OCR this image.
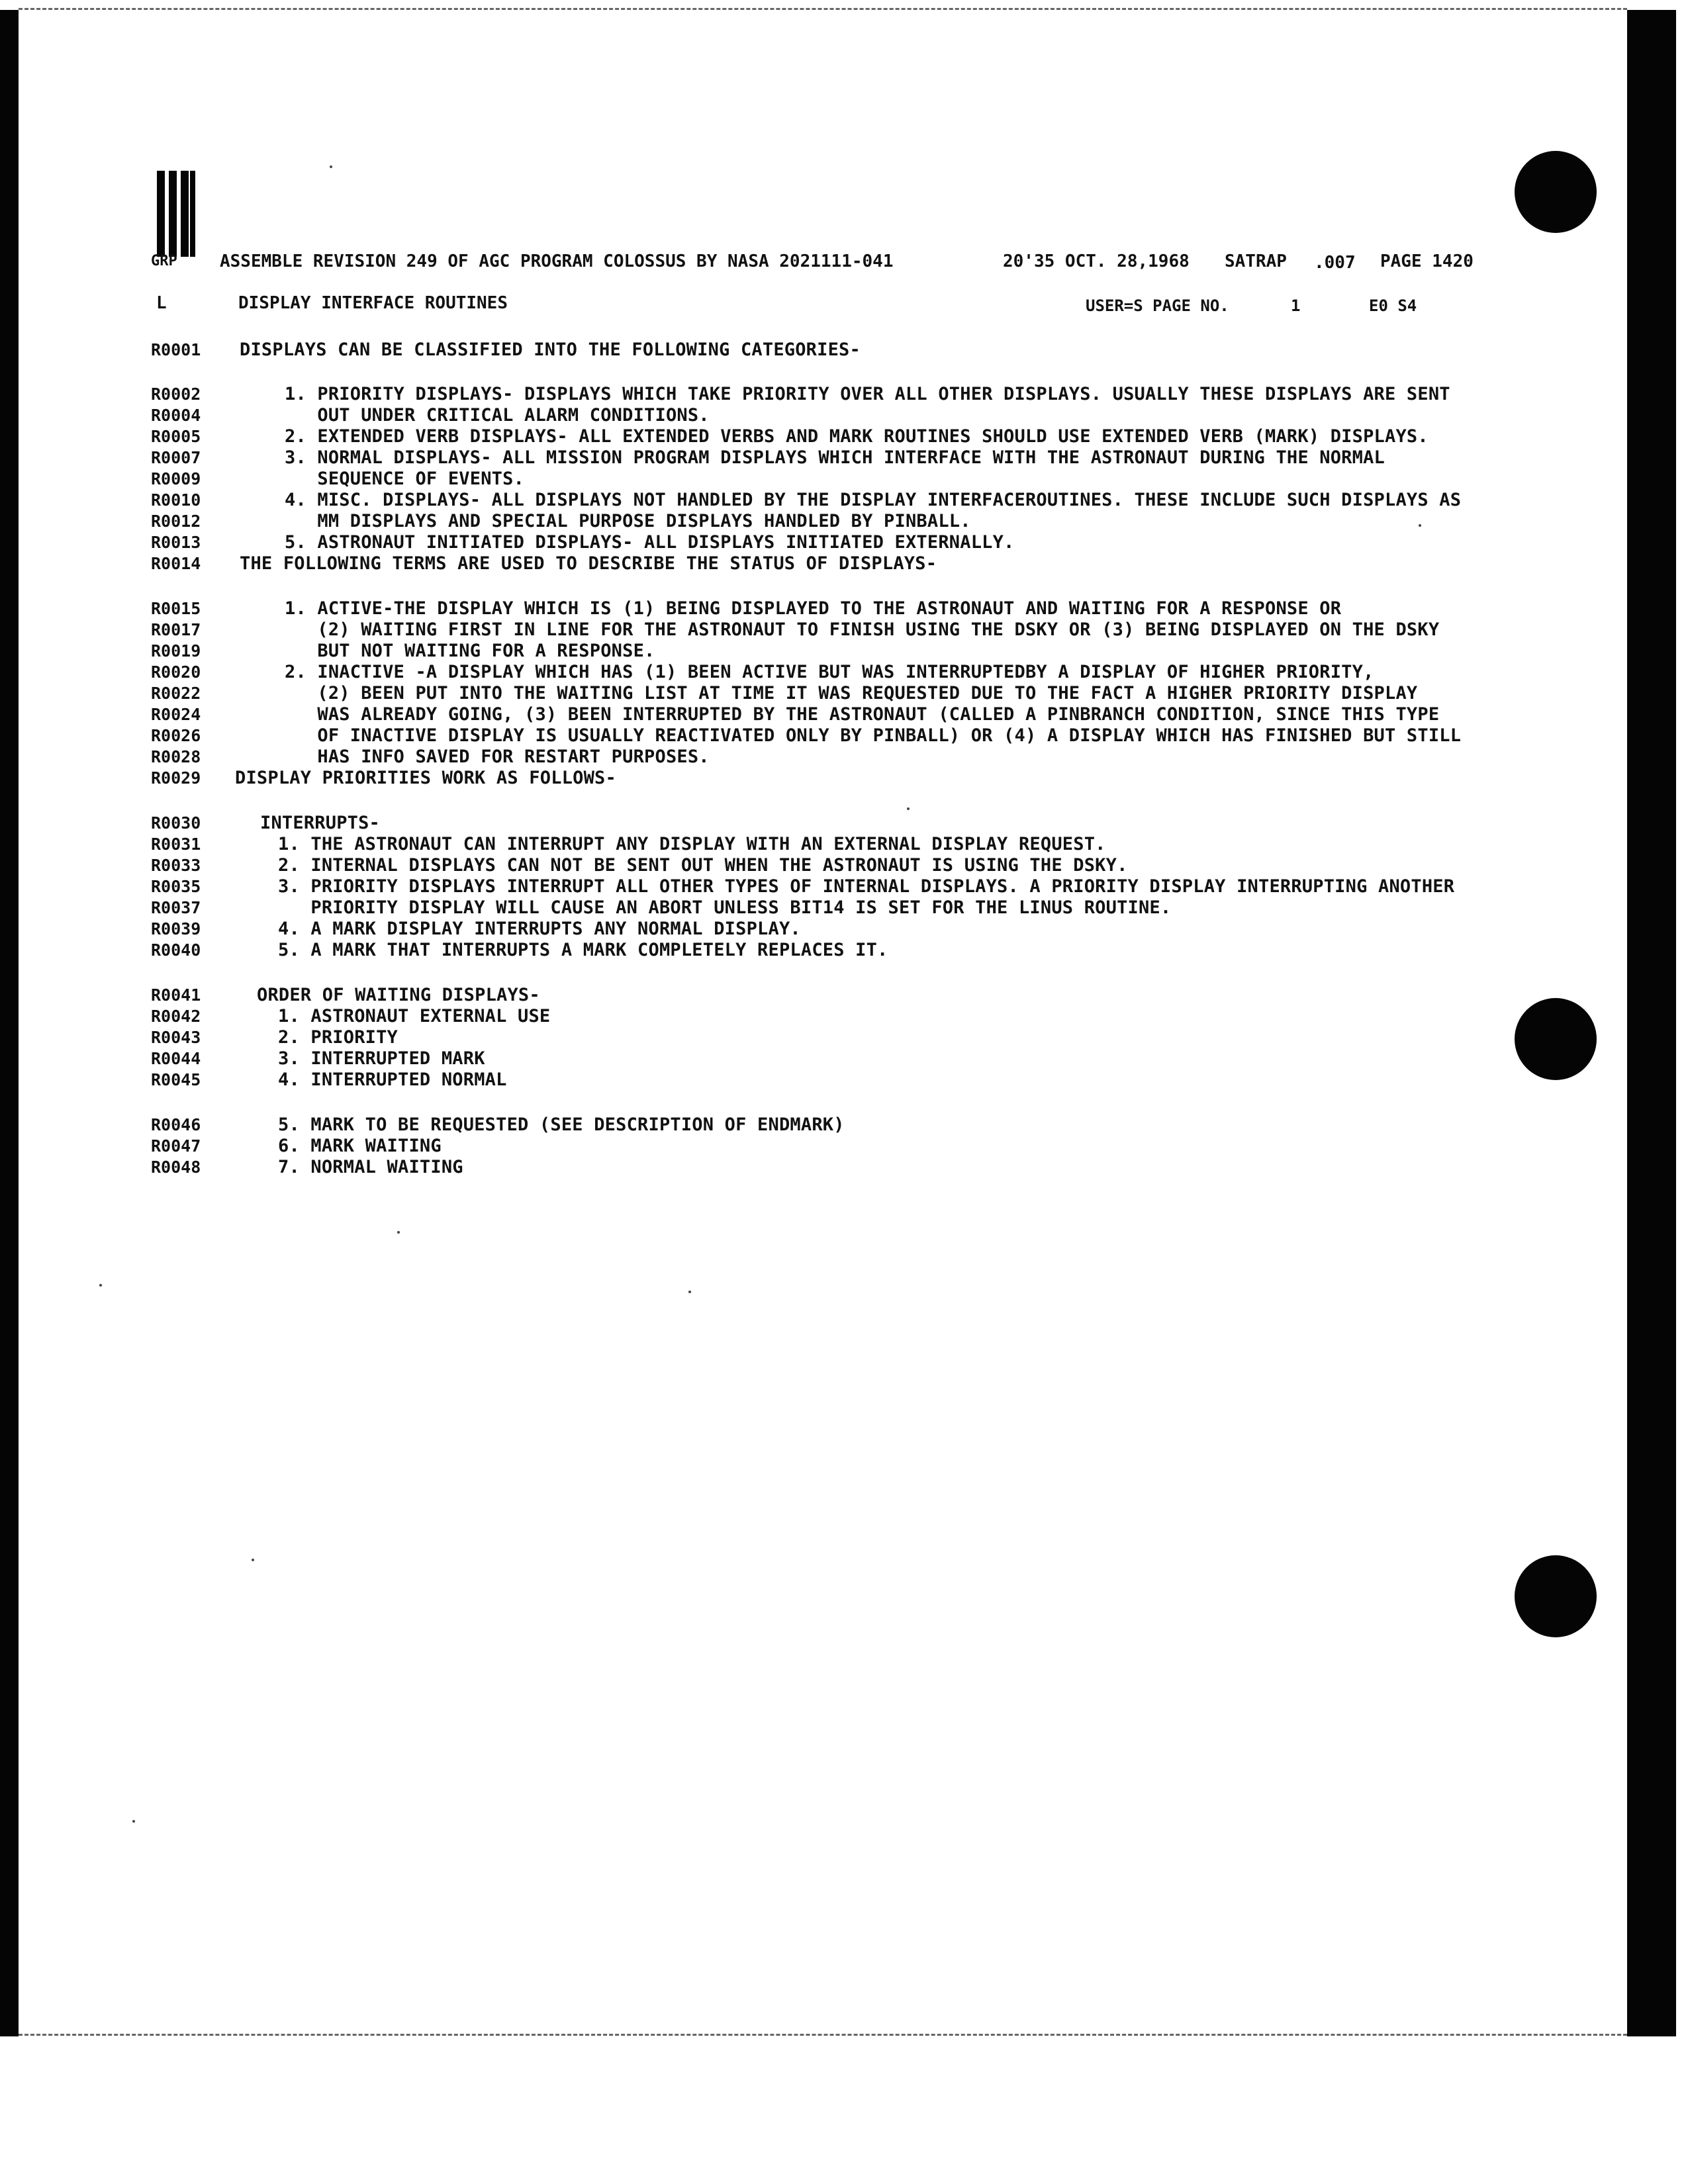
GRP ASSEMBLE REVISION 249 OF AGC PROGRAM COLOSSUS BY NASA 2021111-041	20'35 OCT. 28,1968 SATRAP .007 PAGE 1420
L	DISPLAY INTERFACE ROUTINES	USER=S PAGE NO.	1	E0 S4
R0001 DISPLAYS CAN BE CLASSIFIED INTO THE FOLLOWING CATEGORIES-
R0002	1. PRIORITY DISPLAYS- DISPLAYS WHICH TAKE PRIORITY OVER ALL OTHER DISPLAYS. USUALLY THESE DISPLAYS ARE SENT
R0004	OUT UNDER CRITICAL ALARM CONDITIONS.
R0005	2. EXTENDED VERB DISPLAYS- ALL EXTENDED VERBS AND MARK ROUTINES SHOULD USE EXTENDED VERB (MARK) DISPLAYS.
R0007	3. NORMAL DISPLAYS- ALL MISSION PROGRAM DISPLAYS WHICH INTERFACE WITH THE ASTRONAUT DURING THE NORMAL
R0009	SEQUENCE OF EVENTS.
R0010	4. MISC. DISPLAYS- ALL DISPLAYS NOT HANDLED BY THE DISPLAY INTERFACEROUTINES. THESE INCLUDE SUCH DISPLAYS AS
R0012	MM DISPLAYS AND SPECIAL PURPOSE DISPLAYS HANDLED BY PINBALL.
R0013	5. ASTRONAUT INITIATED DISPLAYS- ALL DISPLAYS INITIATED EXTERNALLY.
R0014 THE FOLLOWING TERMS ARE USED TO DESCRIBE THE STATUS OF DISPLAYS-
R0015	1. ACTIVE-THE DISPLAY WHICH IS (1) BEING DISPLAYED TO THE ASTRONAUT AND WAITING FOR A RESPONSE OR
R0017	(2) WAITING FIRST IN LINE FOR THE ASTRONAUT TO FINISH USING THE DSKY OR (3) BEING DISPLAYED ON THE DSKY
R0019	BUT NOT WAITING FOR A RESPONSE.
R0020	2. INACTIVE -A DISPLAY WHICH HAS (1) BEEN ACTIVE BUT WAS INTERRUPTEDBY A DISPLAY OF HIGHER PRIORITY,
R0022	(2) BEEN PUT INTO THE WAITING LIST AT TIME IT WAS REQUESTED DUE TO THE FACT A HIGHER PRIORITY DISPLAY
R0024	WAS ALREADY GOING, (3) BEEN INTERRUPTED BY THE ASTRONAUT (CALLED A PINBRANCH CONDITION, SINCE THIS TYPE
R0026	OF INACTIVE DISPLAY IS USUALLY REACTIVATED ONLY BY PINBALL) OR (4) A DISPLAY WHICH HAS FINISHED BUT STILL
R0028	HAS INFO SAVED FOR RESTART PURPOSES.
R0029 DISPLAY PRIORITIES WORK AS FOLLOWS-
R0030	INTERRUPTS-
R0031	1. THE ASTRONAUT CAN INTERRUPT ANY DISPLAY WITH AN EXTERNAL DISPLAY REQUEST.
R0033	2. INTERNAL DISPLAYS CAN NOT BE SENT OUT WHEN THE ASTRONAUT IS USING THE DSKY.
R0035	3. PRIORITY DISPLAYS INTERRUPT ALL OTHER TYPES OF INTERNAL DISPLAYS. A PRIORITY DISPLAY INTERRUPTING ANOTHER
R0037	PRIORITY DISPLAY WILL CAUSE AN ABORT UNLESS BIT14 IS SET FOR THE LINUS ROUTINE.
R0039	4. A MARK DISPLAY INTERRUPTS ANY NORMAL DISPLAY.
R0040	5. A MARK THAT INTERRUPTS A MARK COMPLETELY REPLACES IT.
R0041	ORDER OF WAITING DISPLAYS-
R0042	1. ASTRONAUT EXTERNAL USE
R0043	2. PRIORITY
R0044	3. INTERRUPTED MARK
R0045	4. INTERRUPTED NORMAL
R0046	5. MARK TO BE REQUESTED (SEE DESCRIPTION OF ENDMARK)
R0047	6. MARK WAITING
R0048	7. NORMAL WAITING
